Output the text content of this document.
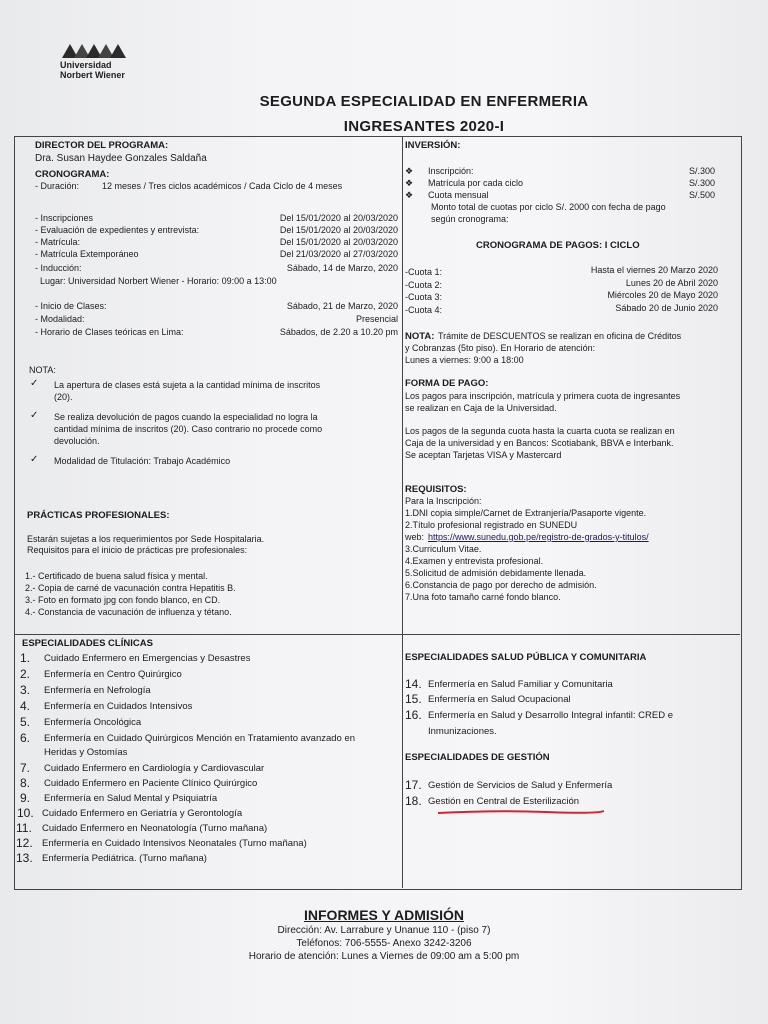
Universidad
Norbert Wiener
SEGUNDA ESPECIALIDAD EN ENFERMERIA
INGRESANTES 2020-I
DIRECTOR DEL PROGRAMA:
Dra. Susan Haydee Gonzales Saldaña
CRONOGRAMA:
- Duración:	12 meses / Tres ciclos académicos / Cada Ciclo de 4 meses
- Inscripciones	Del 15/01/2020 al 20/03/2020
- Evaluación de expedientes y entrevista:	Del 15/01/2020 al 20/03/2020
- Matrícula:	Del 15/01/2020 al 20/03/2020
- Matrícula Extemporáneo	Del 21/03/2020 al 27/03/2020
- Inducción:	Sábado, 14 de Marzo, 2020
Lugar: Universidad Norbert Wiener - Horario: 09:00 a 13:00
- Inicio de Clases:	Sábado, 21 de Marzo, 2020
- Modalidad:	Presencial
- Horario de Clases teóricas en Lima:	Sábados, de 2.20 a 10.20 pm
NOTA:
✓ La apertura de clases está sujeta a la cantidad mínima de inscritos
(20).
✓ Se realiza devolución de pagos cuando la especialidad no logra la
cantidad mínima de inscritos (20). Caso contrario no procede como
devolución.
✓ Modalidad de Titulación: Trabajo Académico
PRÁCTICAS PROFESIONALES:
Estarán sujetas a los requerimientos por Sede Hospitalaria.
Requisitos para el inicio de prácticas pre profesionales:
1.- Certificado de buena salud física y mental.
2.- Copia de carné de vacunación contra Hepatitis B.
3.- Foto en formato jpg con fondo blanco, en CD.
4.- Constancia de vacunación de influenza y tétano.
INVERSIÓN:
❖ Inscripción:	S/.300
❖ Matrícula por cada ciclo	S/.300
❖ Cuota mensual	S/.500
Monto total de cuotas por ciclo S/. 2000 con fecha de pago
según cronograma:
CRONOGRAMA DE PAGOS: I CICLO
-Cuota 1:	Hasta el viernes 20 Marzo 2020
-Cuota 2:	Lunes 20 de Abril 2020
-Cuota 3:	Miércoles 20 de Mayo 2020
-Cuota 4:	Sábado 20 de Junio 2020
NOTA: Trámite de DESCUENTOS se realizan en oficina de Créditos
y Cobranzas (5to piso). En Horario de atención:
Lunes a viernes: 9:00 a 18:00
FORMA DE PAGO:
Los pagos para inscripción, matrícula y primera cuota de ingresantes
se realizan en Caja de la Universidad.
Los pagos de la segunda cuota hasta la cuarta cuota se realizan en
Caja de la universidad y en Bancos: Scotiabank, BBVA e Interbank.
Se aceptan Tarjetas VISA y Mastercard
REQUISITOS:
Para la Inscripción:
1.DNI copia simple/Carnet de Extranjería/Pasaporte vigente.
2.Título profesional registrado en SUNEDU
web: https://www.sunedu.gob.pe/registro-de-grados-y-titulos/
3.Curriculum Vitae.
4.Examen y entrevista profesional.
5.Solicitud de admisión debidamente llenada.
6.Constancia de pago por derecho de admisión.
7.Una foto tamaño carné fondo blanco.
ESPECIALIDADES CLÍNICAS
1. Cuidado Enfermero en Emergencias y Desastres
2. Enfermería en Centro Quirúrgico
3. Enfermería en Nefrología
4. Enfermería en Cuidados Intensivos
5. Enfermería Oncológica
6. Enfermería en Cuidado Quirúrgicos Mención en Tratamiento avanzado en
Heridas y Ostomías
7. Cuidado Enfermero en Cardiología y Cardiovascular
8. Cuidado Enfermero en Paciente Clínico Quirúrgico
9. Enfermería en Salud Mental y Psiquiatría
10. Cuidado Enfermero en Geriatría y Gerontología
11. Cuidado Enfermero en Neonatología (Turno mañana)
12. Enfermería en Cuidado Intensivos Neonatales (Turno mañana)
13. Enfermería Pediátrica. (Turno mañana)
ESPECIALIDADES SALUD PÚBLICA Y COMUNITARIA
14. Enfermería en Salud Familiar y Comunitaria
15. Enfermería en Salud Ocupacional
16. Enfermería en Salud y Desarrollo Integral infantil: CRED e
Inmunizaciones.
ESPECIALIDADES DE GESTIÓN
17. Gestión de Servicios de Salud y Enfermería
18. Gestión en Central de Esterilización
INFORMES Y ADMISIÓN
Dirección: Av. Larrabure y Unanue 110 - (piso 7)
Teléfonos: 706-5555- Anexo 3242-3206
Horario de atención: Lunes a Viernes de 09:00 am a 5:00 pm
